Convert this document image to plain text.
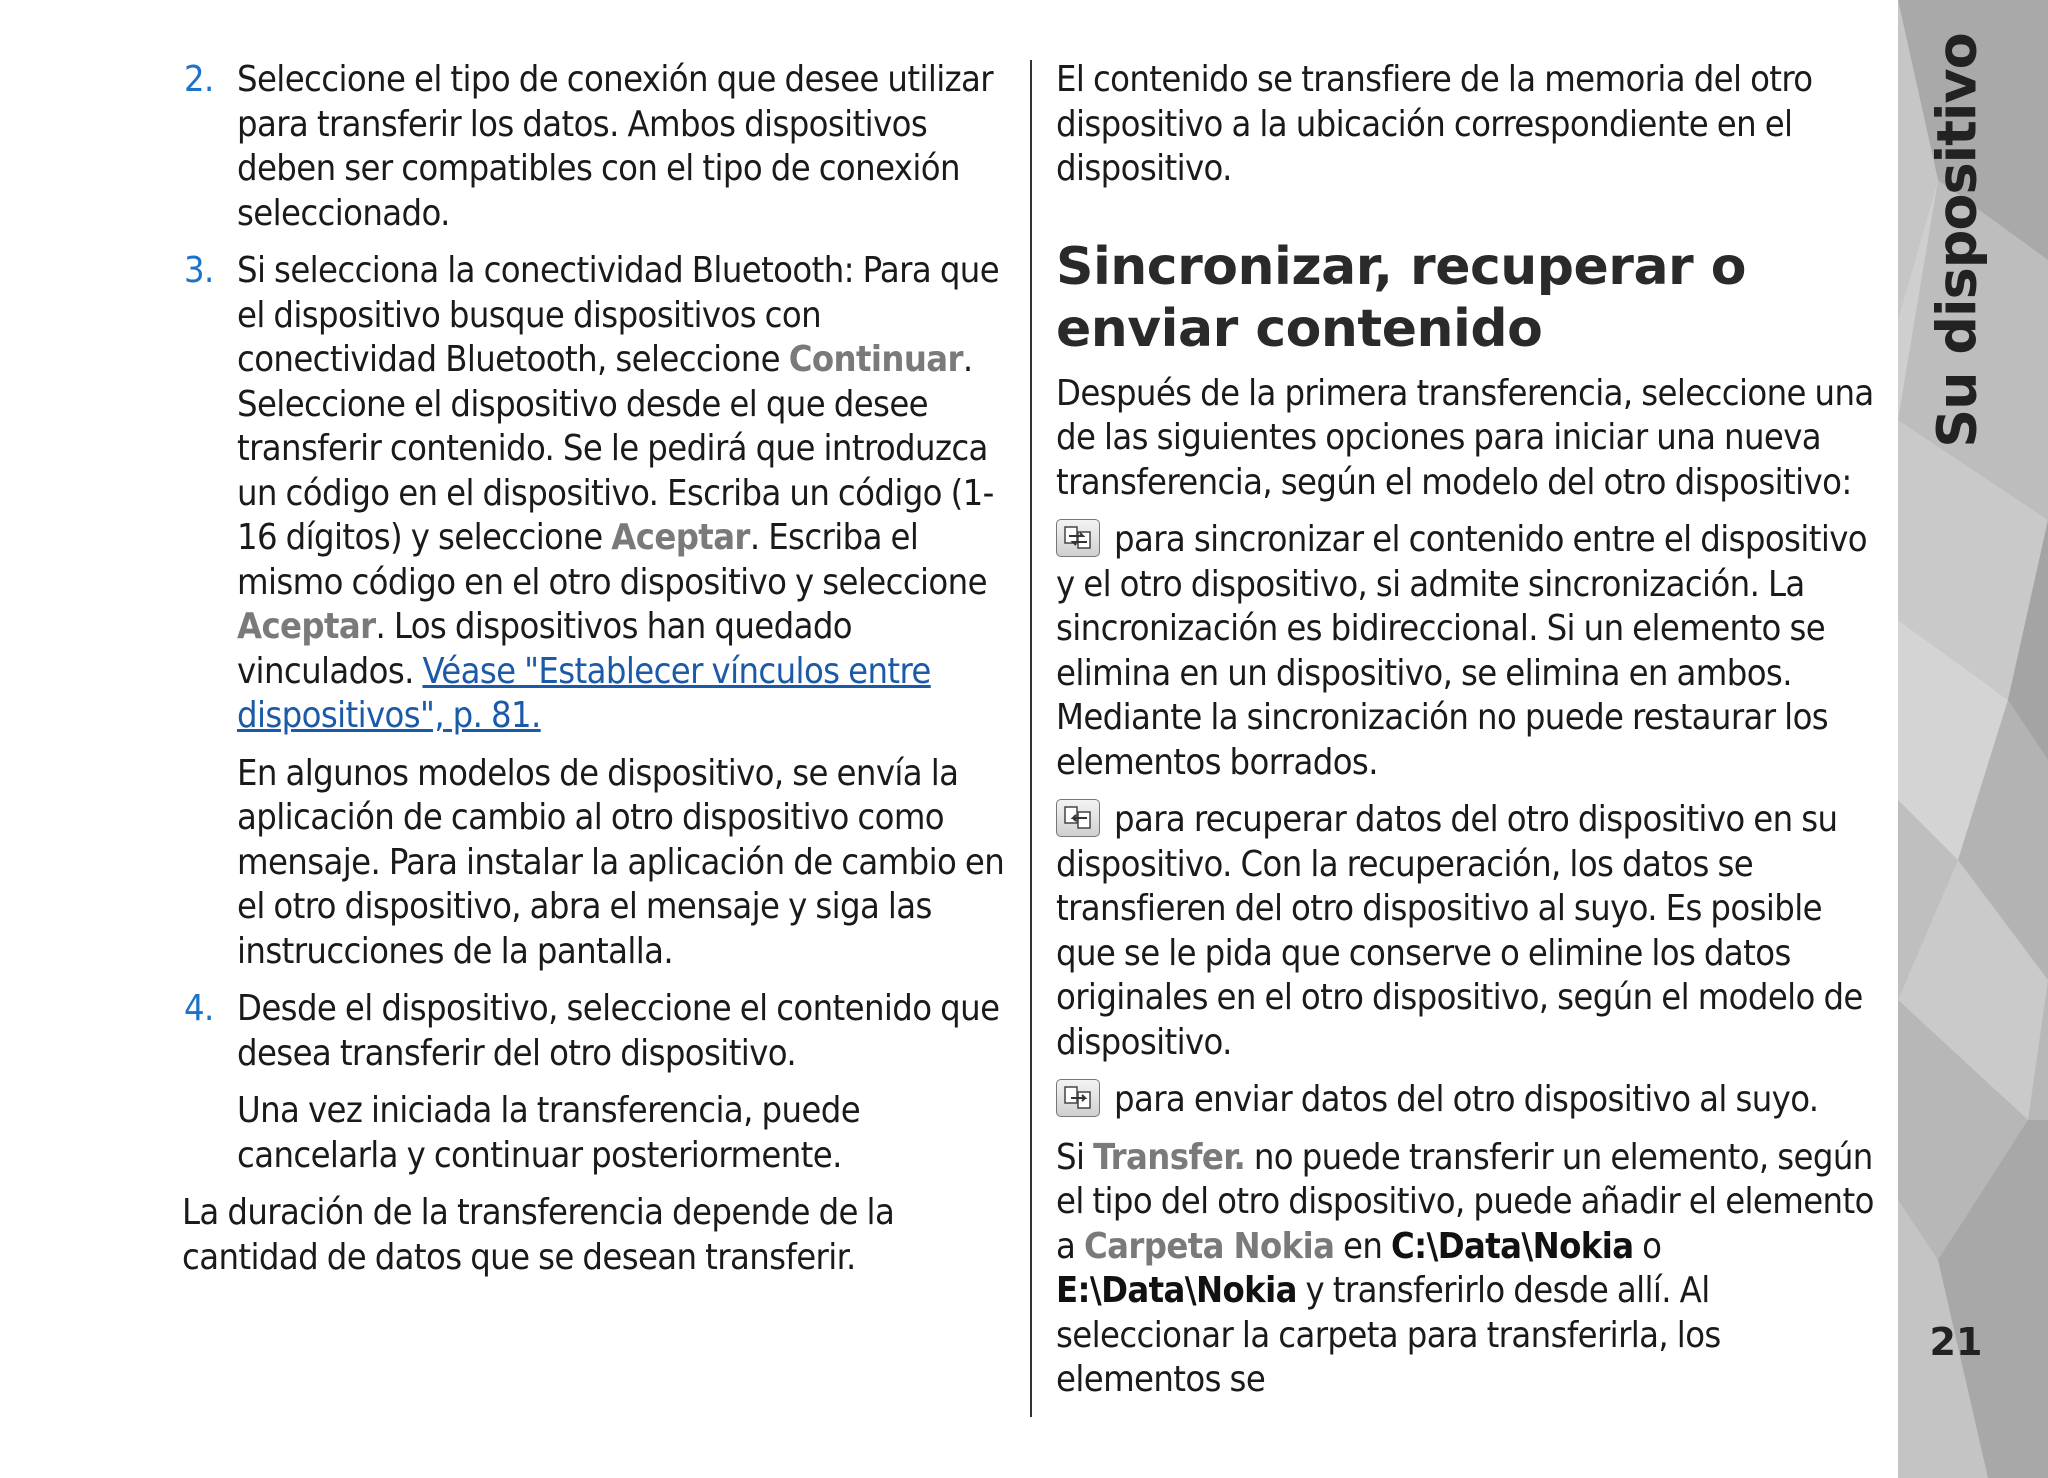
Su dispositivo
21
2. Seleccione el tipo de conexión que desee utilizar para transferir los datos. Ambos dispositivos deben ser compatibles con el tipo de conexión seleccionado.
3. Si selecciona la conectividad Bluetooth: Para que el dispositivo busque dispositivos con conectividad Bluetooth, seleccione Continuar. Seleccione el dispositivo desde el que desee transferir contenido. Se le pedirá que introduzca un código en el dispositivo. Escriba un código (1-16 dígitos) y seleccione Aceptar. Escriba el mismo código en el otro dispositivo y seleccione Aceptar. Los dispositivos han quedado vinculados. Véase "Establecer vínculos entre dispositivos", p. 81.
En algunos modelos de dispositivo, se envía la aplicación de cambio al otro dispositivo como mensaje. Para instalar la aplicación de cambio en el otro dispositivo, abra el mensaje y siga las instrucciones de la pantalla.
4. Desde el dispositivo, seleccione el contenido que desea transferir del otro dispositivo.
Una vez iniciada la transferencia, puede cancelarla y continuar posteriormente.

La duración de la transferencia depende de la cantidad de datos que se desean transferir.

El contenido se transfiere de la memoria del otro dispositivo a la ubicación correspondiente en el dispositivo.

Sincronizar, recuperar o enviar contenido

Después de la primera transferencia, seleccione una de las siguientes opciones para iniciar una nueva transferencia, según el modelo del otro dispositivo:

para sincronizar el contenido entre el dispositivo y el otro dispositivo, si admite sincronización. La sincronización es bidireccional. Si un elemento se elimina en un dispositivo, se elimina en ambos. Mediante la sincronización no puede restaurar los elementos borrados.

para recuperar datos del otro dispositivo en su dispositivo. Con la recuperación, los datos se transfieren del otro dispositivo al suyo. Es posible que se le pida que conserve o elimine los datos originales en el otro dispositivo, según el modelo de dispositivo.

para enviar datos del otro dispositivo al suyo.

Si Transfer. no puede transferir un elemento, según el tipo del otro dispositivo, puede añadir el elemento a Carpeta Nokia en C:\Data\Nokia o E:\Data\Nokia y transferirlo desde allí. Al seleccionar la carpeta para transferirla, los elementos se
